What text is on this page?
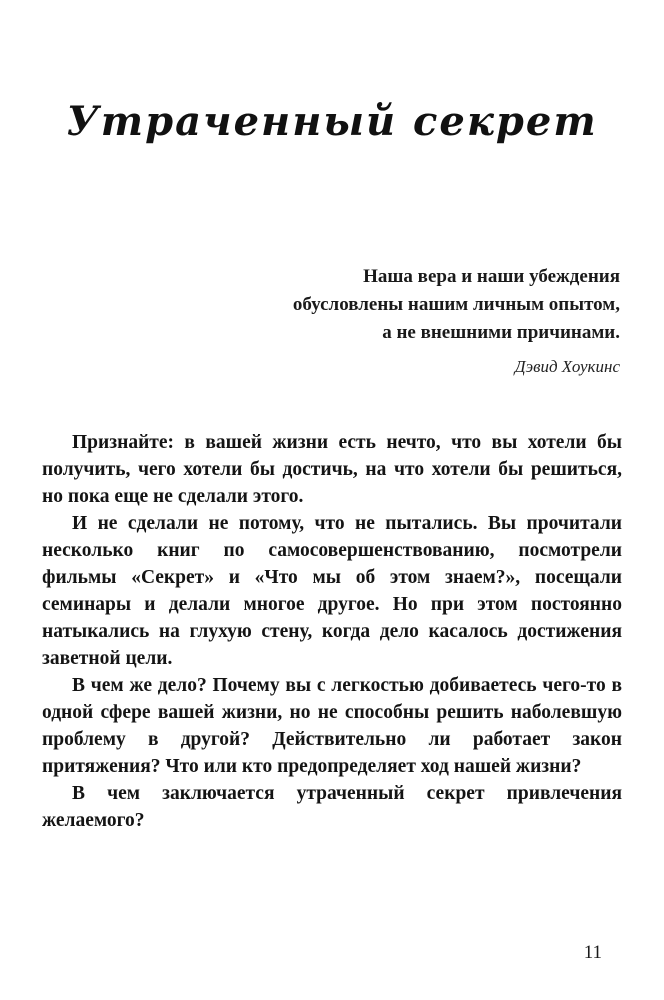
Утраченный секрет
Наша вера и наши убеждения
обусловлены нашим личным опытом,
а не внешними причинами.
Дэвид Хоукинс

Признайте: в вашей жизни есть нечто, что вы хотели бы получить, чего хотели бы достичь, на что хотели бы решиться, но пока еще не сделали этого.

И не сделали не потому, что не пытались. Вы прочитали несколько книг по самосовершенствованию, посмотрели фильмы «Секрет» и «Что мы об этом знаем?», посещали семинары и делали многое другое. Но при этом постоянно натыкались на глухую стену, когда дело касалось достижения заветной цели.

В чем же дело? Почему вы с легкостью добиваетесь чего-то в одной сфере вашей жизни, но не способны решить наболевшую проблему в другой? Действительно ли работает закон притяжения? Что или кто предопределяет ход нашей жизни?

В чем заключается утраченный секрет привлечения желаемого?

11
